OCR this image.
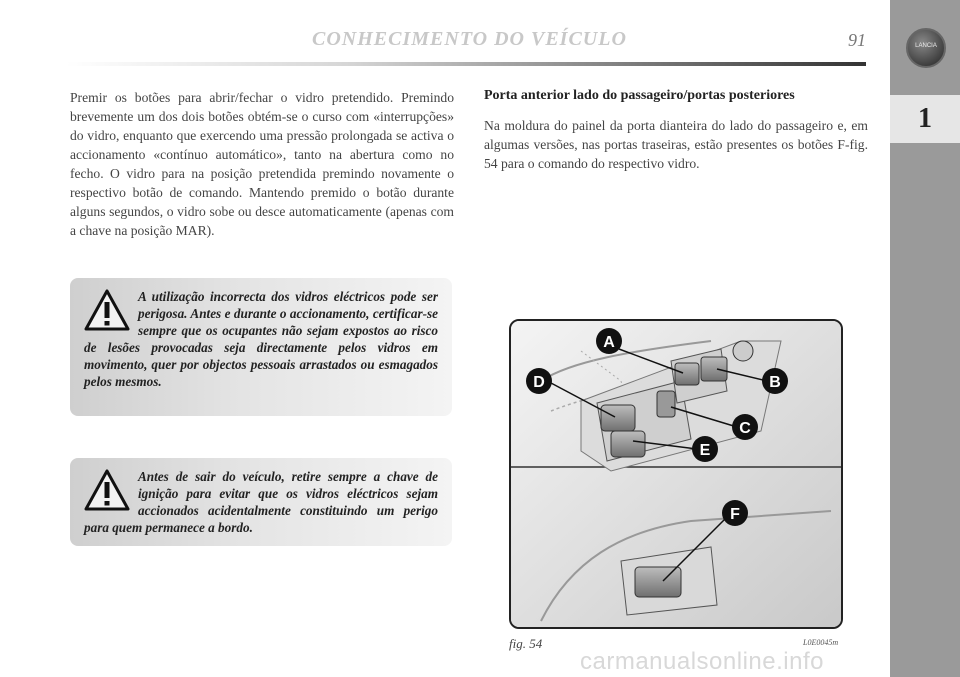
LANCIA
1
CONHECIMENTO DO VEÍCULO	91
Premir os botões para abrir/fechar o vidro pretendido. Premindo brevemente um dos dois botões obtém-se o curso com «interrupções» do vidro, enquanto que exercendo uma pressão prolongada se activa o accionamento «contínuo automático», tanto na abertura como no fecho. O vidro para na posição pretendida premindo novamente o respectivo botão de comando. Mantendo premido o botão durante alguns segundos, o vidro sobe ou desce automaticamente (apenas com a chave na posição MAR).
A utilização incorrecta dos vidros eléctricos pode ser perigosa. Antes e durante o accionamento, certificar-se sempre que os ocupantes não sejam expostos ao risco de lesões provocadas seja directamente pelos vidros em movimento, quer por objectos pessoais arrastados ou esmagados pelos mesmos.
Antes de sair do veículo, retire sempre a chave de ignição para evitar que os vidros eléctricos sejam accionados acidentalmente constituindo um perigo para quem permanece a bordo.
Porta anterior lado do passageiro/portas posteriores
Na moldura do painel da porta dianteira do lado do passageiro e, em algumas versões, nas portas traseiras, estão presentes os botões F-fig. 54 para o comando do respectivo vidro.
A
B
C
D
E
F
fig. 54	L0E0045m
carmanualsonline.info
